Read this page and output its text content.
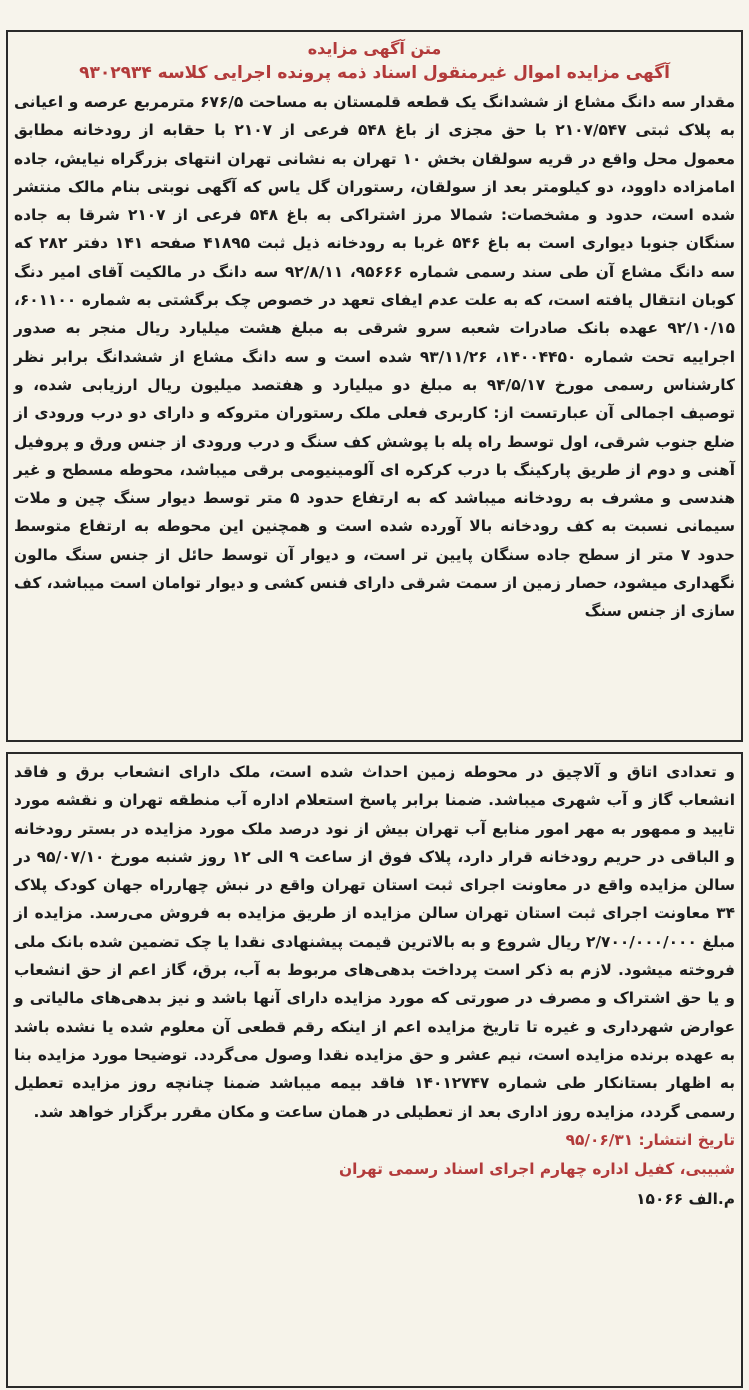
متن آگهی مزایده
آگهی مزایده اموال غیرمنقول اسناد ذمه پرونده اجرایی کلاسه ۹۳۰۲۹۳۴

مقدار سه دانگ مشاع از ششدانگ یک قطعه قلمستان به مساحت ۶۷۶/۵ مترمربع عرصه و اعیانی به پلاک ثبتی ۲۱۰۷/۵۴۷ با حق مجزی از باغ ۵۴۸ فرعی از ۲۱۰۷ با حقابه از رودخانه مطابق معمول محل واقع در قریه سولقان بخش ۱۰ تهران به نشانی تهران انتهای بزرگراه نیایش، جاده امامزاده داوود، دو کیلومتر بعد از سولقان، رستوران گل یاس که آگهی نوبتی بنام مالک منتشر شده است، حدود و مشخصات: شمالا مرز اشتراکی به باغ ۵۴۸ فرعی از ۲۱۰۷ شرقا به جاده سنگان جنوبا دیواری است به باغ ۵۴۶ غربا به رودخانه ذیل ثبت ۴۱۸۹۵ صفحه ۱۴۱ دفتر ۲۸۲ که سه دانگ مشاع آن طی سند رسمی شماره ۹۵۶۶۶، ۹۲/۸/۱۱ سه دانگ در مالکیت آقای امیر دنگ کوبان انتقال یافته است، که به علت عدم ایفای تعهد در خصوص چک برگشتی به شماره ۶۰۱۱۰۰، ۹۲/۱۰/۱۵ عهده بانک صادرات شعبه سرو شرقی به مبلغ هشت میلیارد ریال منجر به صدور اجراییه تحت شماره ۱۴۰۰۴۴۵۰، ۹۳/۱۱/۲۶ شده است و سه دانگ مشاع از ششدانگ برابر نظر کارشناس رسمی مورخ ۹۴/۵/۱۷ به مبلغ دو میلیارد و هفتصد میلیون ریال ارزیابی شده، و توصیف اجمالی آن عبارتست از: کاربری فعلی ملک رستوران متروکه و دارای دو درب ورودی از ضلع جنوب شرقی، اول توسط راه پله با پوشش کف سنگ و درب ورودی از جنس ورق و پروفیل آهنی و دوم از طریق پارکینگ با درب کرکره ای آلومینیومی برقی میباشد، محوطه مسطح و غیر هندسی و مشرف به رودخانه میباشد که به ارتفاع حدود ۵ متر توسط دیوار سنگ چین و ملات سیمانی نسبت به کف رودخانه بالا آورده شده است و همچنین این محوطه به ارتفاع متوسط حدود ۷ متر از سطح جاده سنگان پایین تر است، و دیوار آن توسط حائل از جنس سنگ مالون نگهداری میشود، حصار زمین از سمت شرقی دارای فنس کشی و دیوار توامان است میباشد، کف سازی از جنس سنگ

و تعدادی اتاق و آلاچیق در محوطه زمین احداث شده است، ملک دارای انشعاب برق و فاقد انشعاب گاز و آب شهری میباشد. ضمنا برابر پاسخ استعلام اداره آب منطقه تهران و نقشه مورد تایید و ممهور به مهر امور منابع آب تهران بیش از نود درصد ملک مورد مزایده در بستر رودخانه و الباقی در حریم رودخانه قرار دارد، پلاک فوق از ساعت ۹ الی ۱۲ روز شنبه مورخ ۹۵/۰۷/۱۰ در سالن مزایده واقع در معاونت اجرای ثبت استان تهران واقع در نبش چهارراه جهان کودک پلاک ۳۴ معاونت اجرای ثبت استان تهران سالن مزایده از طریق مزایده به فروش می‌رسد. مزایده از مبلغ ۲/۷۰۰/۰۰۰/۰۰۰ ریال شروع و به بالاترین قیمت پیشنهادی نقدا یا چک تضمین شده بانک ملی فروخته میشود. لازم به ذکر است پرداخت بدهی‌های مربوط به آب، برق، گاز اعم از حق انشعاب و یا حق اشتراک و مصرف در صورتی که مورد مزایده دارای آنها باشد و نیز بدهی‌های مالیاتی و عوارض شهرداری و غیره تا تاریخ مزایده اعم از اینکه رقم قطعی آن معلوم شده یا نشده باشد به عهده برنده مزایده است، نیم عشر و حق مزایده نقدا وصول می‌گردد. توضیحا مورد مزایده بنا به اظهار بستانکار طی شماره ۱۴۰۱۲۷۴۷ فاقد بیمه میباشد ضمنا چنانچه روز مزایده تعطیل رسمی گردد، مزایده روز اداری بعد از تعطیلی در همان ساعت و مکان مقرر برگزار خواهد شد.

تاریخ انتشار: ۹۵/۰۶/۳۱
شبیبی، کفیل اداره چهارم اجرای اسناد رسمی تهران
م.الف ۱۵۰۶۶
